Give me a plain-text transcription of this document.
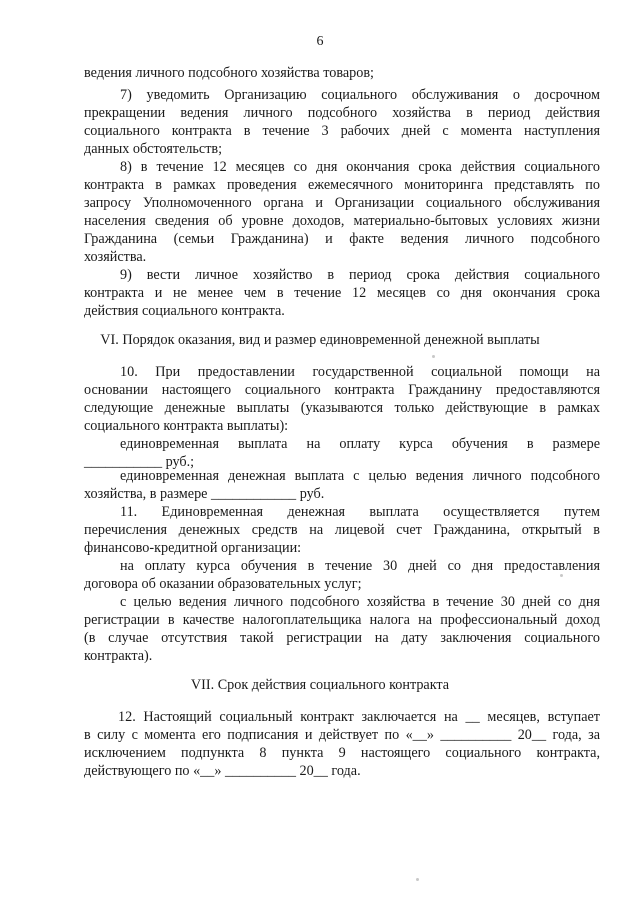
6
ведения личного подсобного хозяйства товаров;
7) уведомить Организацию социального обслуживания о досрочном
прекращении ведения личного подсобного хозяйства в период действия
социального контракта в течение 3 рабочих дней с момента наступления
данных обстоятельств;
8) в течение 12 месяцев со дня окончания срока действия социального
контракта в рамках проведения ежемесячного мониторинга представлять по
запросу Уполномоченного органа и Организации социального обслуживания
населения сведения об уровне доходов, материально-бытовых условиях жизни
Гражданина (семьи Гражданина) и факте ведения личного подсобного
хозяйства.
9) вести личное хозяйство в период срока действия социального
контракта и не менее чем в течение 12 месяцев со дня окончания срока
действия социального контракта.
VI. Порядок оказания, вид и размер единовременной денежной выплаты
10. При предоставлении государственной социальной помощи на
основании настоящего социального контракта Гражданину предоставляются
следующие денежные выплаты (указываются только действующие в рамках
социального контракта выплаты):
единовременная выплата на оплату курса обучения в размере
___________ руб.;
единовременная денежная выплата с целью ведения личного подсобного
хозяйства, в размере ____________ руб.
11. Единовременная денежная выплата осуществляется путем
перечисления денежных средств на лицевой счет Гражданина, открытый в
финансово-кредитной организации:
на оплату курса обучения в течение 30 дней со дня предоставления
договора об оказании образовательных услуг;
с целью ведения личного подсобного хозяйства в течение 30 дней со дня
регистрации в качестве налогоплательщика налога на профессиональный доход
(в случае отсутствия такой регистрации на дату заключения социального
контракта).
VII. Срок действия социального контракта
12. Настоящий социальный контракт заключается на __ месяцев, вступает
в силу с момента его подписания и действует по «__» __________ 20__ года, за
исключением подпункта 8 пункта 9 настоящего социального контракта,
действующего по «__» __________ 20__ года.
